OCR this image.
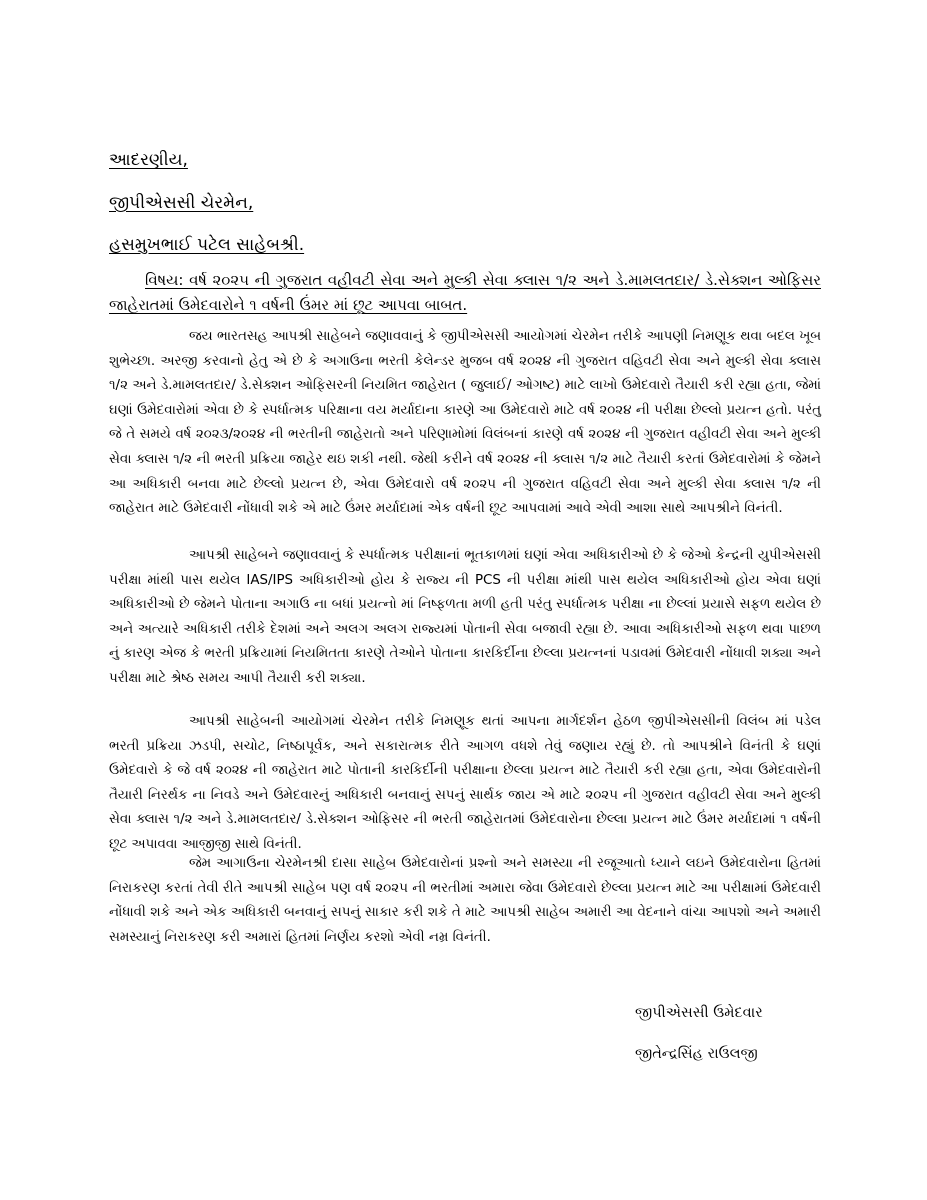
આદરણીય,
જીપીએસસી ચેરમેન,
હસમુખભાઈ પટેલ સાહેબશ્રી.
વિષય: વર્ષ ૨૦૨૫ ની ગુજરાત વહીવટી સેવા અને મુલ્કી સેવા ક્લાસ ૧/૨ અને ડે.મામલતદાર/ ડે.સેક્શન ઓફિસર જાહેરાતમાં ઉમેદવારોને ૧ વર્ષની ઉંમર માં છૂટ આપવા બાબત.

જય ભારતસહ આપશ્રી સાહેબને જણાવવાનું કે જીપીએસસી આયોગમાં ચેરમેન તરીકે આપણી નિમણૂક થવા બદલ ખૂબ શુભેચ્છા. અરજી કરવાનો હેતુ એ છે કે અગાઉના ભરતી કેલેન્ડર મુજબ વર્ષ ૨૦૨૪ ની ગુજરાત વહિવટી સેવા અને મુલ્કી સેવા ક્લાસ ૧/૨ અને ડે.મામલતદાર/ ડે.સેક્શન ઓફિસરની નિયમિત જાહેરાત ( જુલાઈ/ ઓગષ્ટ) માટે લાખો ઉમેદવારો તૈયારી કરી રહ્યા હતા, જેમાં ઘણાં ઉમેદવારોમાં એવા છે કે સ્પર્ધાત્મક પરિક્ષાના વય મર્યાદાના કારણે આ ઉમેદવારો માટે વર્ષ ૨૦૨૪ ની પરીક્ષા છેલ્લો પ્રયત્ન હતો. પરંતુ જે તે સમયે વર્ષ ૨૦૨૩/૨૦૨૪ ની ભરતીની જાહેરાતો અને પરિણામોમાં વિલંબનાં કારણે વર્ષ ૨૦૨૪ ની ગુજરાત વહીવટી સેવા અને મુલ્કી સેવા ક્લાસ ૧/૨ ની ભરતી પ્રક્રિયા જાહેર થઇ શકી નથી. જેથી કરીને વર્ષ ૨૦૨૪ ની ક્લાસ ૧/૨ માટે તૈયારી કરતાં ઉમેદવારોમાં કે જેમને આ અધિકારી બનવા માટે છેલ્લો પ્રયત્ન છે, એવા ઉમેદવારો વર્ષ ૨૦૨૫ ની ગુજરાત વહિવટી સેવા અને મુલ્કી સેવા ક્લાસ ૧/૨ ની જાહેરાત માટે ઉમેદવારી નોંધાવી શકે એ માટે ઉંમર મર્યાદામાં એક વર્ષની છૂટ આપવામાં આવે એવી આશા સાથે આપશ્રીને વિનંતી.

આપશ્રી સાહેબને જણાવવાનું કે સ્પર્ધાત્મક પરીક્ષાનાં ભૂતકાળમાં ઘણાં એવા અધિકારીઓ છે કે જેઓ કેન્દ્રની યુપીએસસી પરીક્ષા માંથી પાસ થયેલ IAS/IPS અધિકારીઓ હોય કે રાજ્ય ની PCS ની પરીક્ષા માંથી પાસ થયેલ અધિકારીઓ હોય એવા ઘણાં અધિકારીઓ છે જેમને પોતાના અગાઉ ના બધાં પ્રયત્નો માં નિષ્ફળતા મળી હતી પરંતુ સ્પર્ધાત્મક પરીક્ષા ના છેલ્લાં પ્રયાસે સફળ થયેલ છે અને અત્યારે અધિકારી તરીકે દેશમાં અને અલગ અલગ રાજ્યમાં પોતાની સેવા બજાવી રહ્યા છે. આવા અધિકારીઓ સફળ થવા પાછળ નું કારણ એજ કે ભરતી પ્રક્રિયામાં નિયમિતતા કારણે તેઓને પોતાના કારકિર્દીના છેલ્લા પ્રયત્નનાં પડાવમાં ઉમેદવારી નોંધાવી શક્યા અને પરીક્ષા માટે શ્રેષ્ઠ સમય આપી તૈયારી કરી શક્યા.

આપશ્રી સાહેબની આયોગમાં ચેરમેન તરીકે નિમણૂક થતાં આપના માર્ગદર્શન હેઠળ જીપીએસસીની વિલંબ માં પડેલ ભરતી પ્રક્રિયા ઝડપી, સચોટ, નિષ્ઠાપૂર્વક, અને સકારાત્મક રીતે આગળ વધશે તેવું જણાય રહ્યું છે. તો આપશ્રીને વિનંતી કે ઘણાં ઉમેદવારો કે જે વર્ષ ૨૦૨૪ ની જાહેરાત માટે પોતાની કારકિર્દીની પરીક્ષાના છેલ્લા પ્રયત્ન માટે તૈયારી કરી રહ્યા હતા, એવા ઉમેદવારોની તૈયારી નિરર્થક ના નિવડે અને ઉમેદવારનું અધિકારી બનવાનું સપનું સાર્થક જાય એ માટે ૨૦૨૫ ની ગુજરાત વહીવટી સેવા અને મુલ્કી સેવા ક્લાસ ૧/૨ અને ડે.મામલતદાર/ ડે.સેક્શન ઓફિસર ની ભરતી જાહેરાતમાં ઉમેદવારોના છેલ્લા પ્રયત્ન માટે ઉંમર મર્યાદામાં ૧ વર્ષની છૂટ અપાવવા આજીજી સાથે વિનંતી.

જેમ આગાઉના ચેરમેનશ્રી દાસા સાહેબ ઉમેદવારોનાં પ્રશ્નો અને સમસ્યા ની રજૂઆતો ધ્યાને લઇને ઉમેદવારોના હિતમાં નિરાકરણ કરતાં તેવી રીતે આપશ્રી સાહેબ પણ વર્ષ ૨૦૨૫ ની ભરતીમાં અમારા જેવા ઉમેદવારો છેલ્લા પ્રયત્ન માટે આ પરીક્ષામાં ઉમેદવારી નોંધાવી શકે અને એક અધિકારી બનવાનું સપનું સાકાર કરી શકે તે માટે આપશ્રી સાહેબ અમારી આ વેદનાને વાંચા આપશો અને અમારી સમસ્યાનું નિરાકરણ કરી અમારાં હિતમાં નિર્ણય કરશો એવી નમ્ર વિનંતી.

જીપીએસસી ઉમેદવાર
જીતેન્દ્રસિંહ રાઉલજી
